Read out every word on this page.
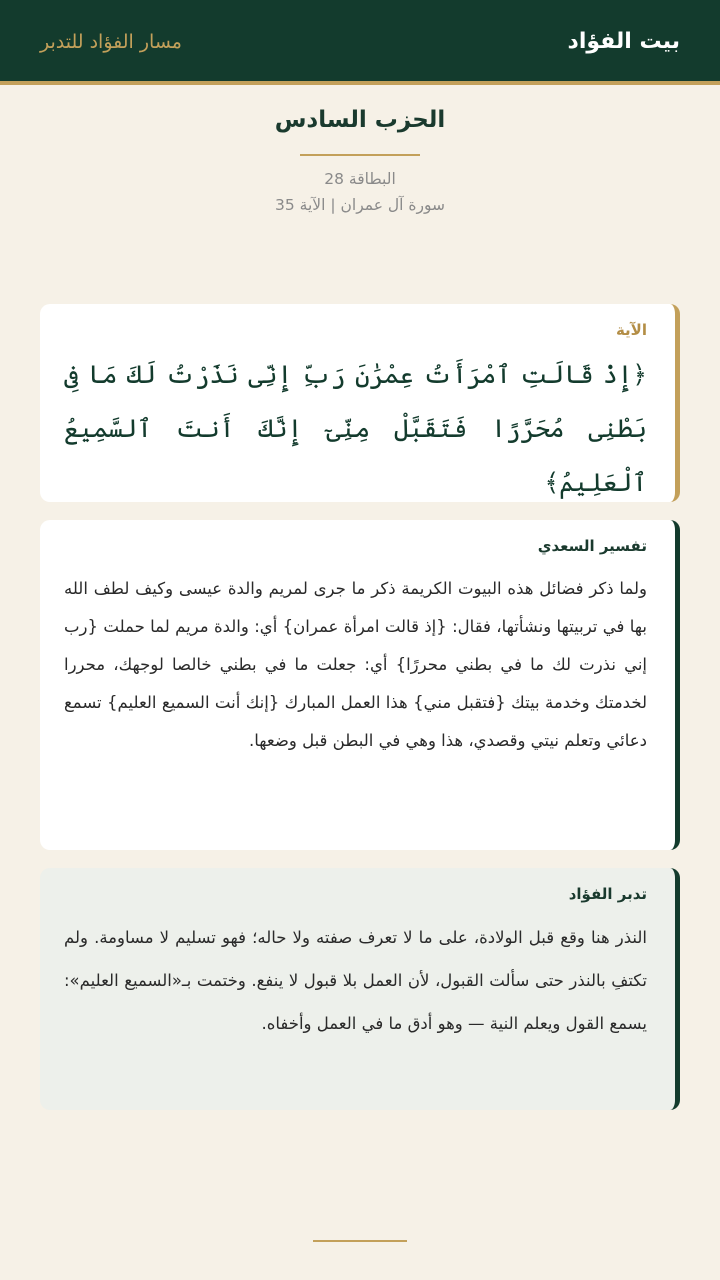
بيت الفؤاد
مسار الفؤاد للتدبر
الحزب السادس
البطاقة 28
سورة آل عمران | الآية 35
الآية
﴿إِذْ قَالَتِ ٱمْرَأَتُ عِمْرَٰنَ رَبِّ إِنِّى نَذَرْتُ لَكَ مَا فِى بَطْنِى مُحَرَّرًا فَتَقَبَّلْ مِنِّىٓ إِنَّكَ أَنتَ ٱلسَّمِيعُ ٱلْعَلِيمُ﴾
تفسير السعدي
ولما ذكر فضائل هذه البيوت الكريمة ذكر ما جرى لمريم والدة عيسى وكيف لطف الله بها في تربيتها ونشأتها، فقال: {إذ قالت امرأة عمران} أي: والدة مريم لما حملت {رب إني نذرت لك ما في بطني محررًا} أي: جعلت ما في بطني خالصا لوجهك، محررا لخدمتك وخدمة بيتك {فتقبل مني} هذا العمل المبارك {إنك أنت السميع العليم} تسمع دعائي وتعلم نيتي وقصدي، هذا وهي في البطن قبل وضعها.
تدبر الفؤاد
النذر هنا وقع قبل الولادة، على ما لا تعرف صفته ولا حاله؛ فهو تسليم لا مساومة. ولم تكتفِ بالنذر حتى سألت القبول، لأن العمل بلا قبول لا ينفع. وختمت بـ«السميع العليم»: يسمع القول ويعلم النية — وهو أدق ما في العمل وأخفاه.
